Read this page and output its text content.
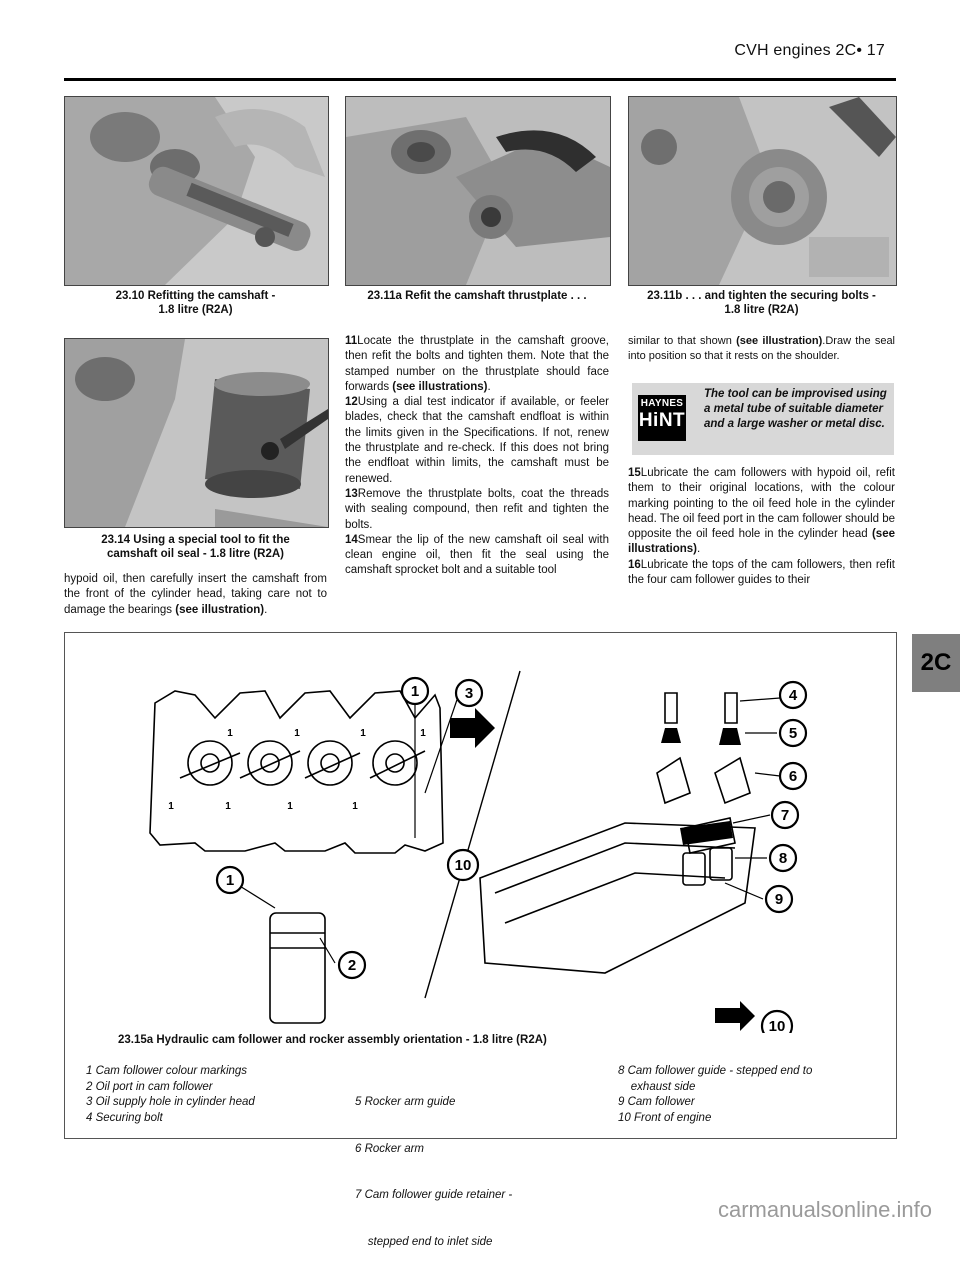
CVH engines 2C• 17
23.10 Refitting the camshaft -
1.8 litre (R2A)
23.11a Refit the camshaft thrustplate . . .	23.11b . . . and tighten the securing bolts -
1.8 litre (R2A)
23.14 Using a special tool to fit the
camshaft oil seal - 1.8 litre (R2A)

hypoid oil, then carefully insert the camshaft from the front of the cylinder head, taking care not to damage the bearings (see illustration).

11Locate the thrustplate in the camshaft groove, then refit the bolts and tighten them. Note that the stamped number on the thrustplate should face forwards (see illustrations).

12Using a dial test indicator if available, or feeler blades, check that the camshaft endfloat is within the limits given in the Specifications. If not, renew the thrustplate and re-check. If this does not bring the endfloat within limits, the camshaft must be renewed.

13Remove the thrustplate bolts, coat the threads with sealing compound, then refit and tighten the bolts.

14Smear the lip of the new camshaft oil seal with clean engine oil, then fit the seal using the camshaft sprocket bolt and a suitable tool

similar to that shown (see illustration).Draw the seal into position so that it rests on the shoulder.

HAYNES
HiNT
The tool can be improvised using a metal tube of suitable diameter and a large washer or metal disc.

15Lubricate the cam followers with hypoid oil, refit them to their original locations, with the colour marking pointing to the oil feed hole in the cylinder head. The oil feed port in the cam follower should be opposite the oil feed hole in the cylinder head (see illustrations).

16Lubricate the tops of the cam followers, then refit the four cam follower guides to their

2C
1	3	4
5
6
7
8
9
10
1
2
10
1	1	1	1
1	1	1	1
23.15a Hydraulic cam follower and rocker assembly orientation - 1.8 litre (R2A)
1 Cam follower colour markings
2 Oil port in cam follower
3 Oil supply hole in cylinder head
4 Securing bolt

5 Rocker arm guide

6 Rocker arm

7 Cam follower guide retainer -

stepped end to inlet side

8 Cam follower guide - stepped end to
exhaust side
9 Cam follower
10 Front of engine
carmanualsonline.info
